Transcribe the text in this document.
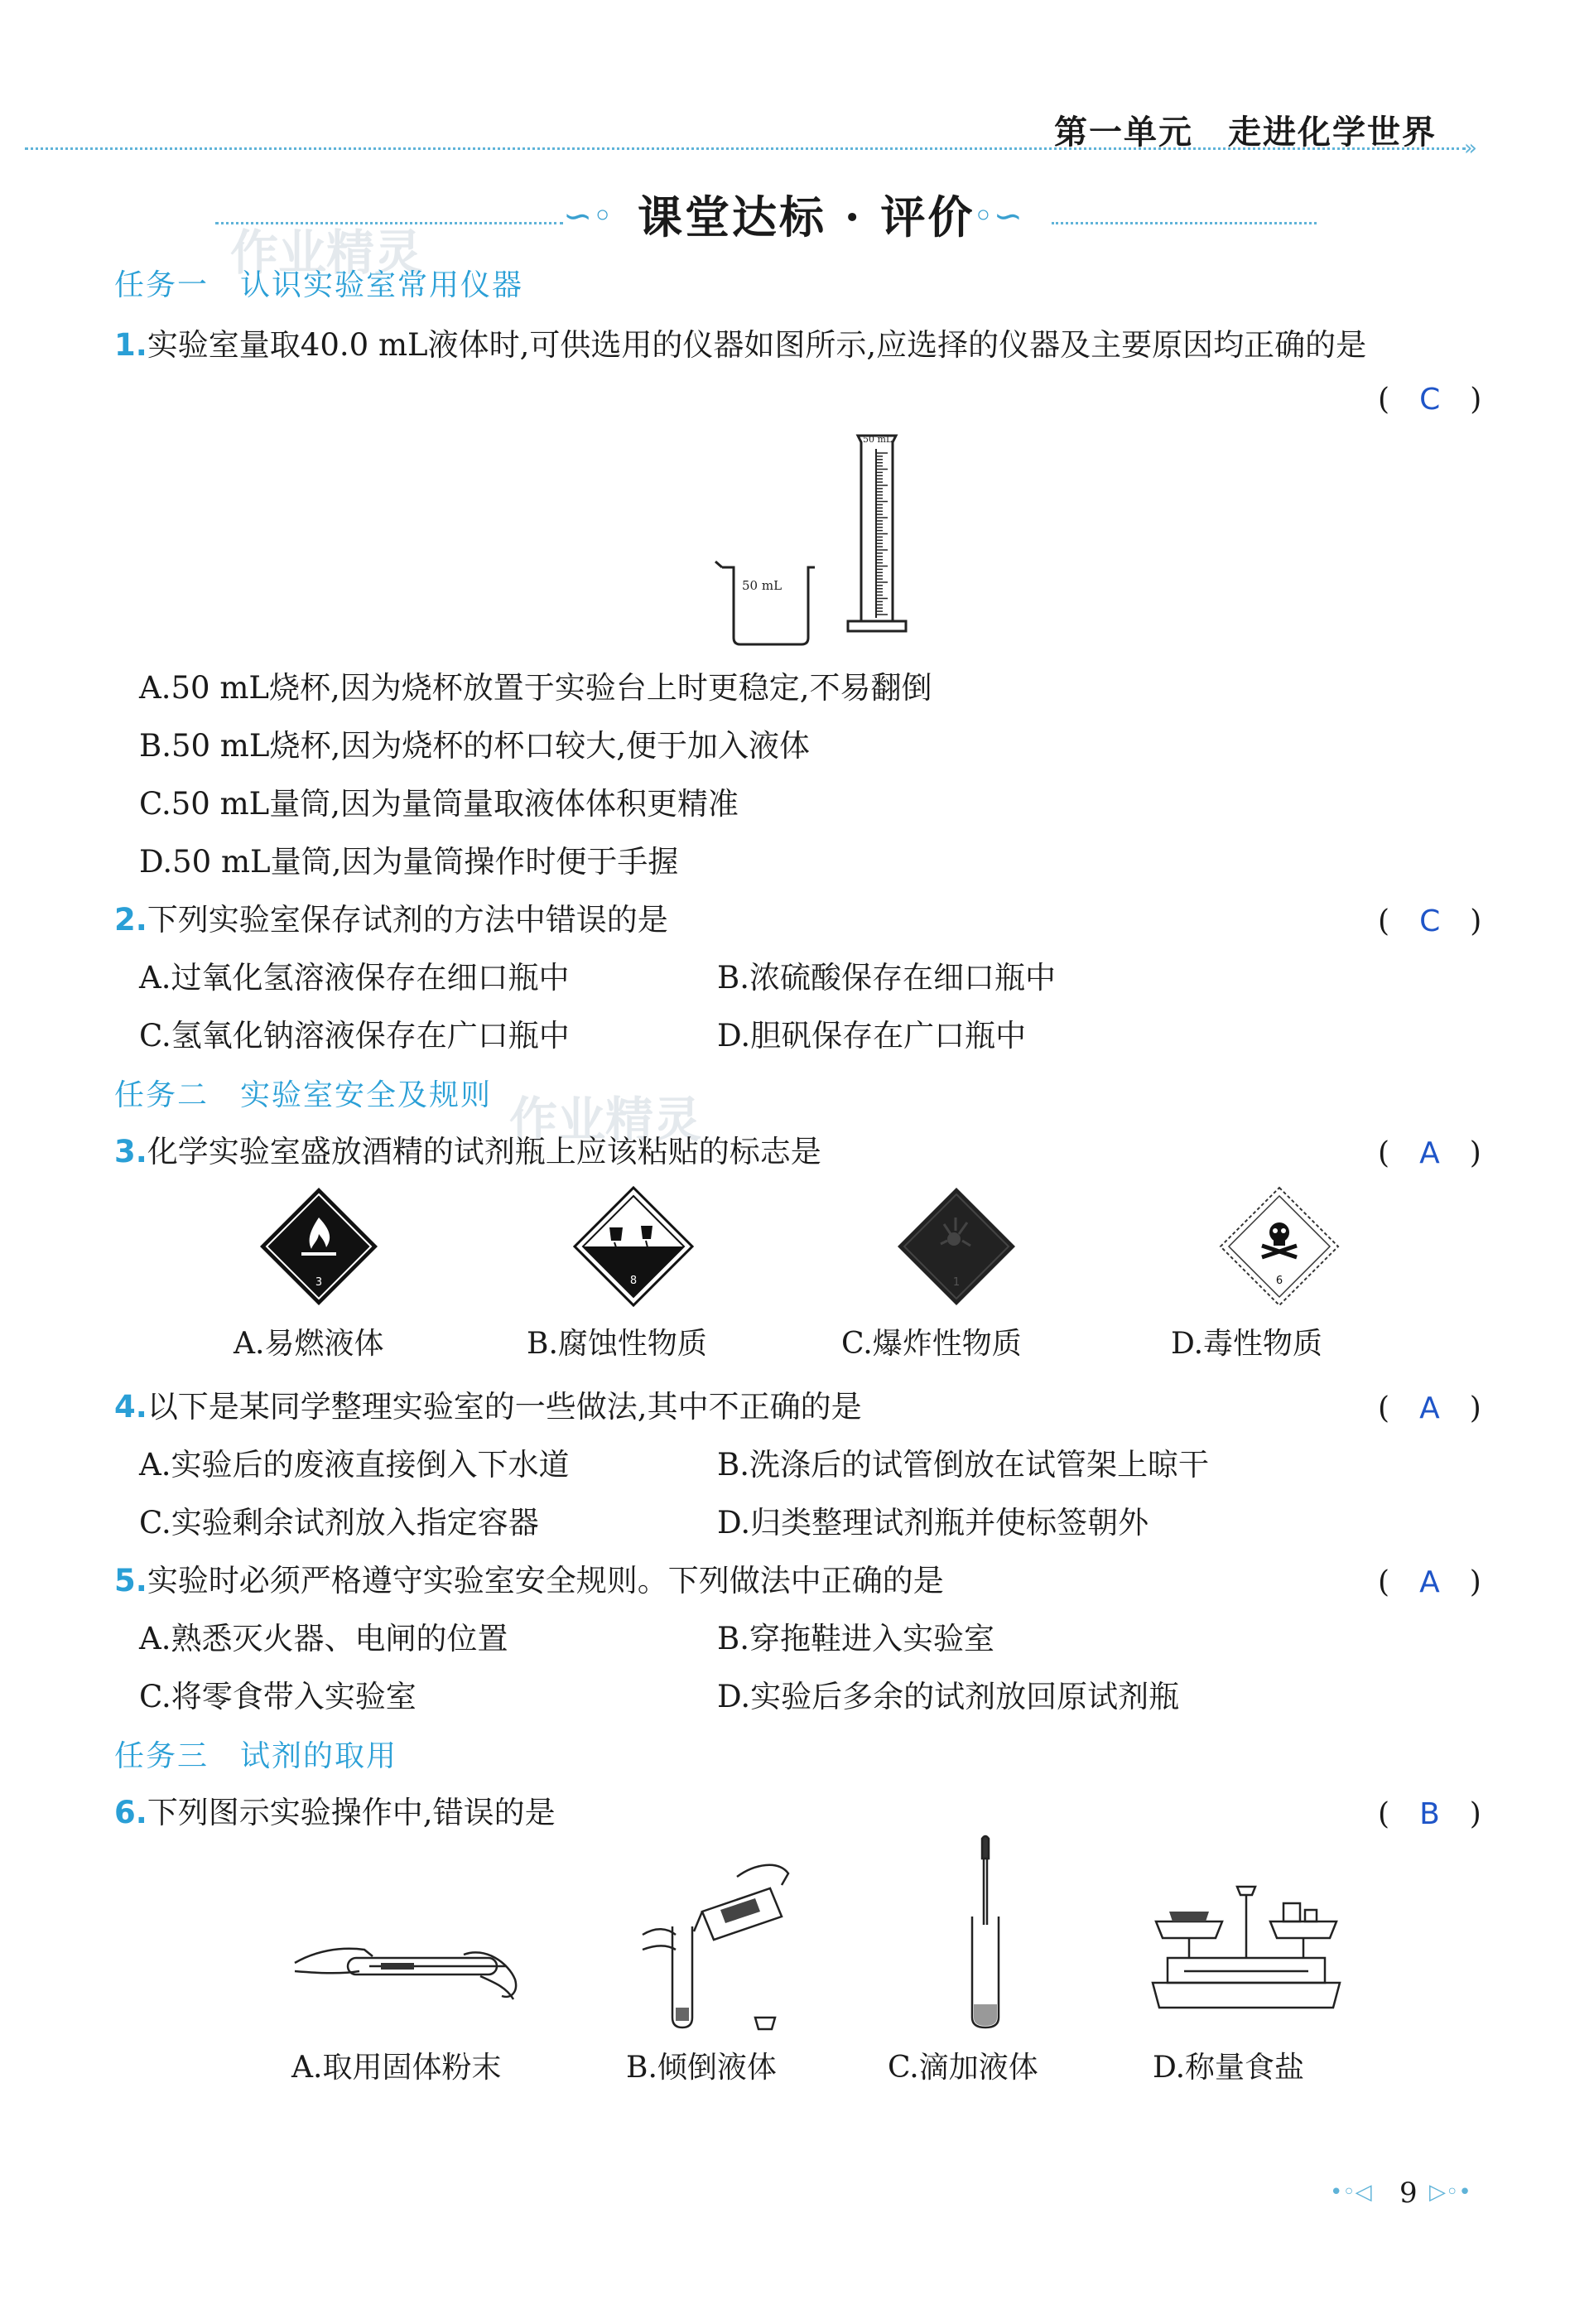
第一单元　走进化学世界 »
∽◦ 课堂达标 · 评价
◦∽
作业精灵
作业精灵
任务一　认识实验室常用仪器
1.实验室量取40.0 mL液体时,可供选用的仪器如图所示,应选择的仪器及主要原因均正确的是
(　 C　 )
50 mL
50 mL
A.50 mL烧杯,因为烧杯放置于实验台上时更稳定,不易翻倒
B.50 mL烧杯,因为烧杯的杯口较大,便于加入液体
C.50 mL量筒,因为量筒量取液体体积更精准
D.50 mL量筒,因为量筒操作时便于手握
2.下列实验室保存试剂的方法中错误的是	(　 C　 )
A.过氧化氢溶液保存在细口瓶中	B.浓硫酸保存在细口瓶中
C.氢氧化钠溶液保存在广口瓶中	D.胆矾保存在广口瓶中
任务二　实验室安全及规则
3.化学实验室盛放酒精的试剂瓶上应该粘贴的标志是	(　 A　 )
3	8	1	6
A.易燃液体	B.腐蚀性物质	C.爆炸性物质	D.毒性物质
4.以下是某同学整理实验室的一些做法,其中不正确的是	(　 A　 )
A.实验后的废液直接倒入下水道	B.洗涤后的试管倒放在试管架上晾干
C.实验剩余试剂放入指定容器	D.归类整理试剂瓶并使标签朝外
5.实验时必须严格遵守实验室安全规则。下列做法中正确的是	(　 A　 )
A.熟悉灭火器、电闸的位置	B.穿拖鞋进入实验室
C.将零食带入实验室	D.实验后多余的试剂放回原试剂瓶
任务三　试剂的取用
6.下列图示实验操作中,错误的是	(　 B　 )
A.取用固体粉末	B.倾倒液体	C.滴加液体	D.称量食盐
•◦◁ 9 ▷◦•
